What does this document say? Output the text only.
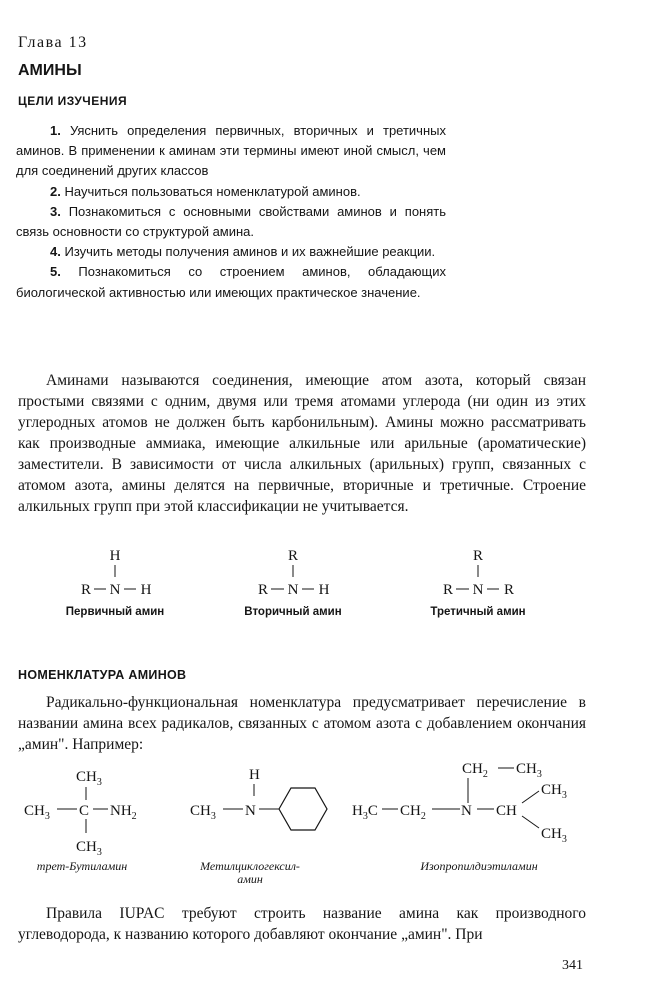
Глава 13
АМИНЫ
ЦЕЛИ ИЗУЧЕНИЯ

1. Уяснить определения первичных, вторичных и третичных аминов. В применении к аминам эти термины имеют иной смысл, чем для соединений других классов

2. Научиться пользоваться номенклатурой аминов.

3. Познакомиться с основными свойствами аминов и понять связь основности со структурой амина.

4. Изучить методы получения аминов и их важнейшие реакции.

5. Познакомиться со строением аминов, обладающих биологической активностью или имеющих практическое значение.

Аминами называются соединения, имеющие атом азота, который связан простыми связями с одним, двумя или тремя атомами углерода (ни один из этих углеродных атомов не должен быть карбонильным). Амины можно рассматривать как производные аммиака, имеющие алкильные или арильные (ароматические) заместители. В зависимости от числа алкильных (арильных) групп, связанных с атомом азота, амины делятся на первичные, вторичные и третичные. Строение алкильных групп при этой классификации не учитывается.

H
R N H
R
R N H
R
R N R
$CH_3$
$CH_3$ C $NH_2$
$CH_3$
H
$CH_3$ N
$CH_2$ $CH_3$
$H_3C$ $CH_2$ N CH
$CH_3$
$CH_3$
Первичный амин	Вторичный амин	Третичный амин
НОМЕНКЛАТУРА АМИНОВ

Радикально-функциональная номенклатура предусматривает перечисление в названии амина всех радикалов, связанных с атомом азота с добавлением окончания „амин". Например:

трет-Бутиламин	Метилциклогексил-амин
Изопропилдиэтиламин

Правила IUPAC требуют строить название амина как производного углеводорода, к названию которого добавляют окончание „амин". При

341
